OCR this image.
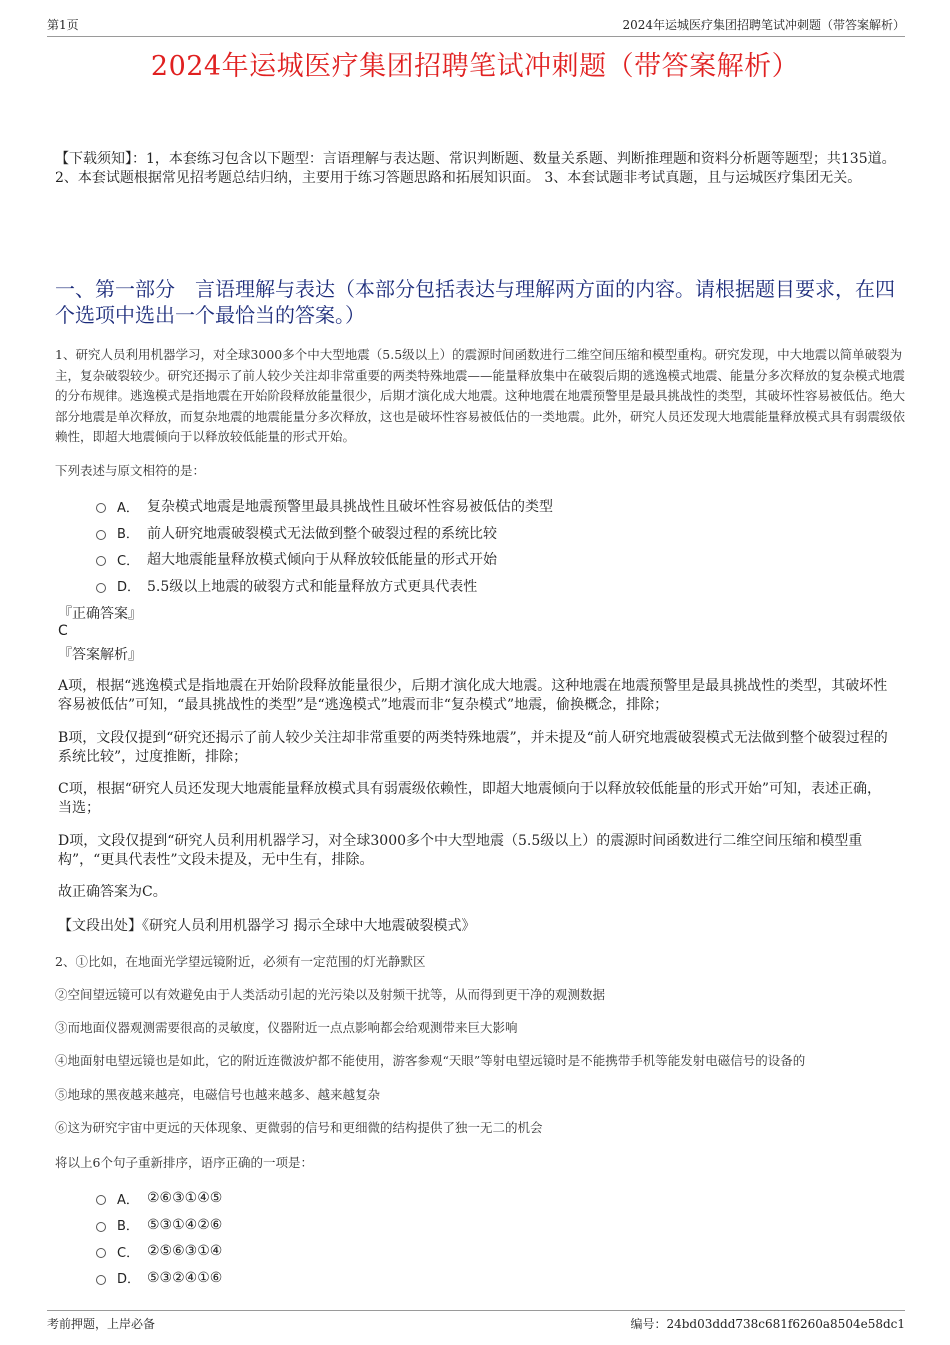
第1页	2024年运城医疗集团招聘笔试冲刺题（带答案解析）
2024年运城医疗集团招聘笔试冲刺题（带答案解析）
【下载须知】：1，本套练习包含以下题型：言语理解与表达题、常识判断题、数量关系题、判断推理题和资料分析题等题型；共135道。 2、本套试题根据常见招考题总结归纳，主要用于练习答题思路和拓展知识面。 3、本套试题非考试真题，且与运城医疗集团无关。
一、第一部分　言语理解与表达（本部分包括表达与理解两方面的内容。请根据题目要求，在四个选项中选出一个最恰当的答案。）
1、研究人员利用机器学习，对全球3000多个中大型地震（5.5级以上）的震源时间函数进行二维空间压缩和模型重构。研究发现，中大地震以简单破裂为主，复杂破裂较少。研究还揭示了前人较少关注却非常重要的两类特殊地震——能量释放集中在破裂后期的逃逸模式地震、能量分多次释放的复杂模式地震的分布规律。逃逸模式是指地震在开始阶段释放能量很少，后期才演化成大地震。这种地震在地震预警里是最具挑战性的类型，其破坏性容易被低估。绝大部分地震是单次释放，而复杂地震的地震能量分多次释放，这也是破坏性容易被低估的一类地震。此外，研究人员还发现大地震能量释放模式具有弱震级依赖性，即超大地震倾向于以释放较低能量的形式开始。
下列表述与原文相符的是：
A． 复杂模式地震是地震预警里最具挑战性且破坏性容易被低估的类型
B． 前人研究地震破裂模式无法做到整个破裂过程的系统比较
C． 超大地震能量释放模式倾向于从释放较低能量的形式开始
D． 5.5级以上地震的破裂方式和能量释放方式更具代表性
『正确答案』
C
『答案解析』
A项，根据“逃逸模式是指地震在开始阶段释放能量很少，后期才演化成大地震。这种地震在地震预警里是最具挑战性的类型，其破坏性容易被低估”可知，“最具挑战性的类型”是“逃逸模式”地震而非“复杂模式”地震，偷换概念，排除；
B项，文段仅提到“研究还揭示了前人较少关注却非常重要的两类特殊地震”，并未提及“前人研究地震破裂模式无法做到整个破裂过程的系统比较”，过度推断，排除；
C项，根据“研究人员还发现大地震能量释放模式具有弱震级依赖性，即超大地震倾向于以释放较低能量的形式开始”可知，表述正确，当选；
D项，文段仅提到“研究人员利用机器学习，对全球3000多个中大型地震（5.5级以上）的震源时间函数进行二维空间压缩和模型重构”，“更具代表性”文段未提及，无中生有，排除。
故正确答案为C。
【文段出处】《研究人员利用机器学习 揭示全球中大地震破裂模式》
2、①比如，在地面光学望远镜附近，必须有一定范围的灯光静默区
②空间望远镜可以有效避免由于人类活动引起的光污染以及射频干扰等，从而得到更干净的观测数据
③而地面仪器观测需要很高的灵敏度，仪器附近一点点影响都会给观测带来巨大影响
④地面射电望远镜也是如此，它的附近连微波炉都不能使用，游客参观“天眼”等射电望远镜时是不能携带手机等能发射电磁信号的设备的
⑤地球的黑夜越来越亮，电磁信号也越来越多、越来越复杂
⑥这为研究宇宙中更远的天体现象、更微弱的信号和更细微的结构提供了独一无二的机会
将以上6个句子重新排序，语序正确的一项是：
A． ②⑥③①④⑤
B． ⑤③①④②⑥
C． ②⑤⑥③①④
D． ⑤③②④①⑥
考前押题，上岸必备	编号：24bd03ddd738c681f6260a8504e58dc1
